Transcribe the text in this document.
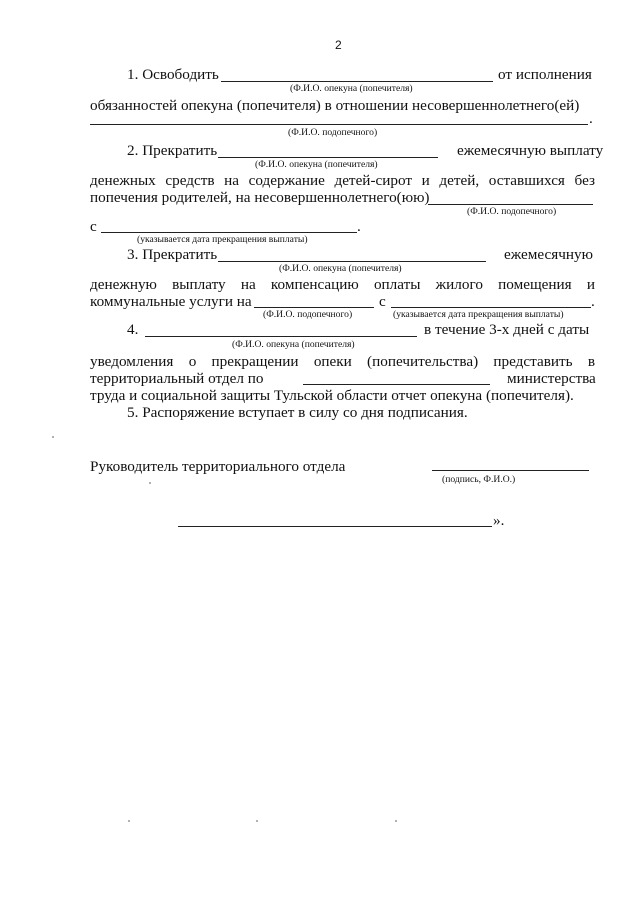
2
1. Освободить	от исполнения
(Ф.И.О. опекуна (попечителя)
обязанностей опекуна (попечителя) в отношении несовершеннолетнего(ей)
.
(Ф.И.О. подопечного)
2. Прекратить	ежемесячную выплату
(Ф.И.О. опекуна (попечителя)
денежных средств на содержание детей-сирот и детей, оставшихся без
попечения родителей, на несовершеннолетнего(юю)
(Ф.И.О. подопечного)
с	.
(указывается дата прекращения выплаты)
3. Прекратить	ежемесячную
(Ф.И.О. опекуна (попечителя)
денежную выплату на компенсацию оплаты жилого помещения и
коммунальные услуги на	с	.
(Ф.И.О. подопечного)	(указывается дата прекращения выплаты)
4.	в течение 3-х дней с даты
(Ф.И.О. опекуна (попечителя)
уведомления о прекращении опеки (попечительства) представить в
территориальный отдел по	министерства
труда и социальной защиты Тульской области отчет опекуна (попечителя).
5. Распоряжение вступает в силу со дня подписания.
Руководитель территориального отдела
(подпись, Ф.И.О.)
».
